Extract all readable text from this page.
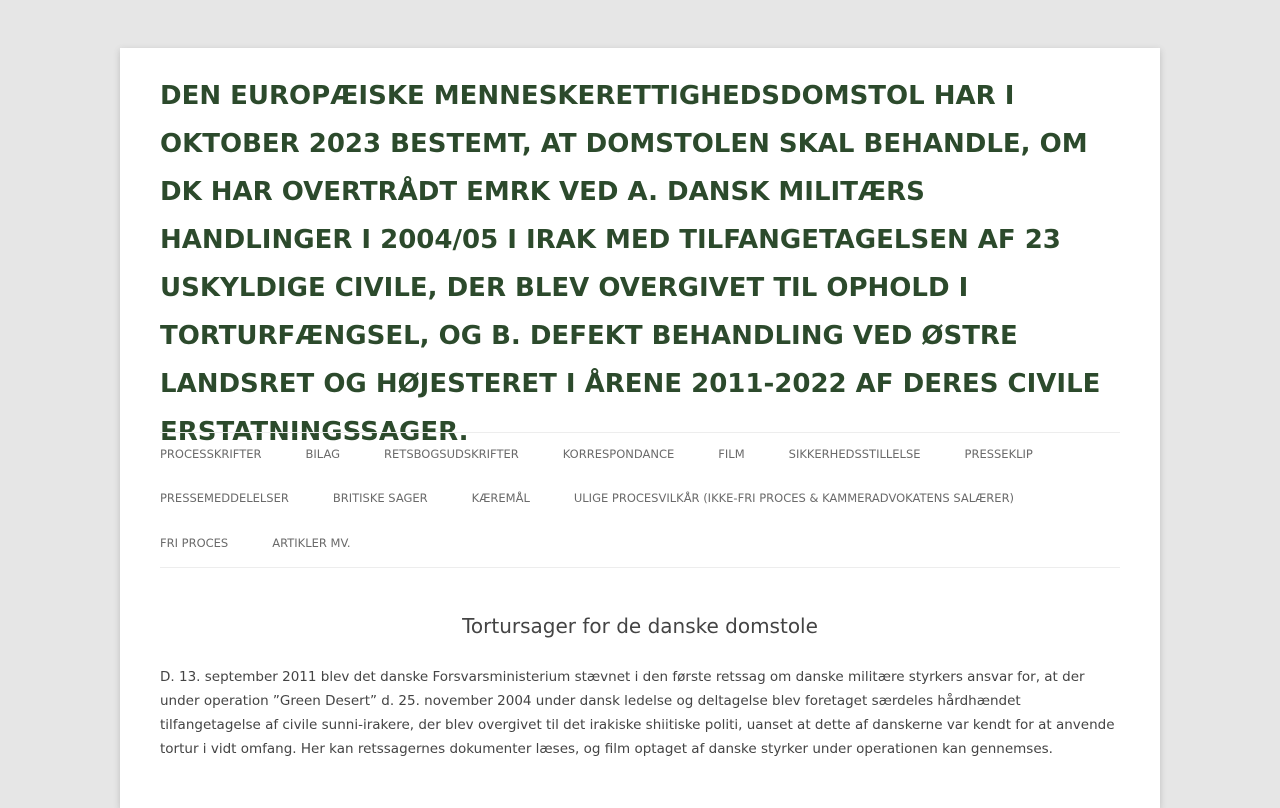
DEN EUROPÆISKE MENNESKERETTIGHEDSDOMSTOL HAR I OKTOBER 2023 BESTEMT, AT DOMSTOLEN SKAL BEHANDLE, OM DK HAR OVERTRÅDT EMRK VED A. DANSK MILITÆRS HANDLINGER I 2004/05 I IRAK MED TILFANGETAGELSEN AF 23 USKYLDIGE CIVILE, DER BLEV OVERGIVET TIL OPHOLD I TORTURFÆNGSEL, OG B. DEFEKT BEHANDLING VED ØSTRE LANDSRET OG HØJESTERET I ÅRENE 2011-2022 AF DERES CIVILE ERSTATNINGSSAGER.
PROCESSKRIFTER	BILAG	RETSBOGSUDSKRIFTER	KORRESPONDANCE	FILM	SIKKERHEDSSTILLELSE	PRESSEKLIP
PRESSEMEDDELELSER	BRITISKE SAGER	KÆREMÅL	ULIGE PROCESVILKÅR (IKKE-FRI PROCES & KAMMERADVOKATENS SALÆRER)
FRI PROCES	ARTIKLER MV.
Tortursager for de danske domstole

D. 13. september 2011 blev det danske Forsvarsministerium stævnet i den første retssag om danske militære styrkers ansvar for, at der under operation ”Green Desert” d. 25. november 2004 under dansk ledelse og deltagelse blev foretaget særdeles hårdhændet tilfangetagelse af civile sunni-irakere, der blev overgivet til det irakiske shiitiske politi, uanset at dette af danskerne var kendt for at anvende tortur i vidt omfang. Her kan retssagernes dokumenter læses, og film optaget af danske styrker under operationen kan gennemses.
